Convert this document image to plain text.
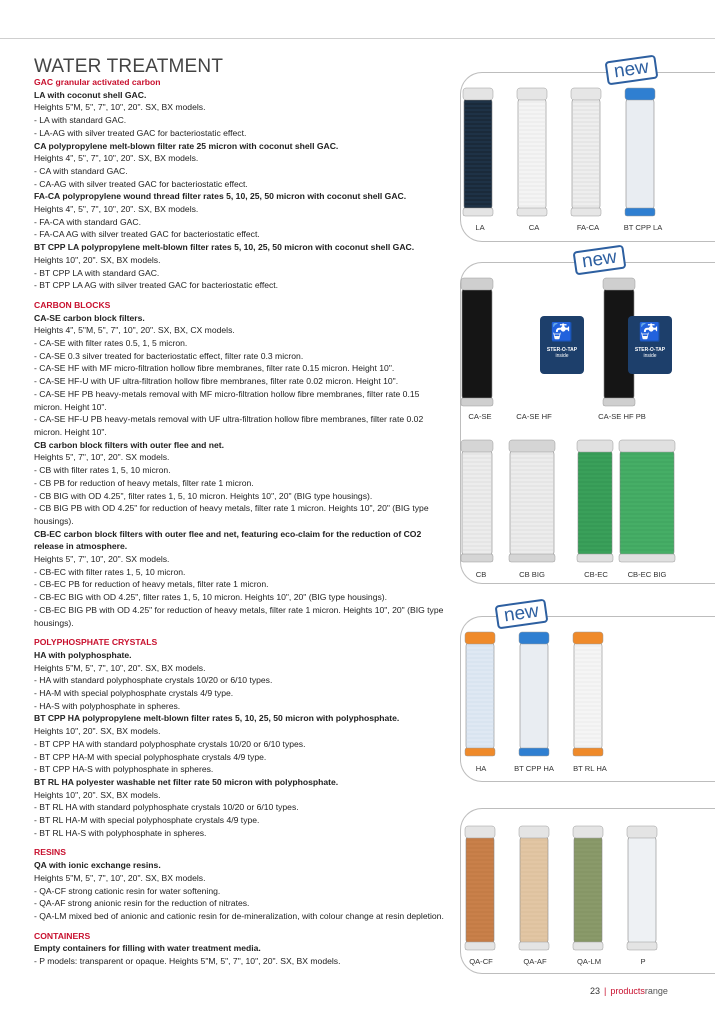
WATER TREATMENT

GAC granular activated carbon

LA with coconut shell GAC.

Heights 5"M, 5", 7", 10", 20". SX, BX models.

- LA with standard GAC.

- LA-AG with silver treated GAC for bacteriostatic effect.

CA polypropylene melt-blown filter rate 25 micron with coconut shell GAC.

Heights 4", 5", 7", 10", 20". SX, BX models.

- CA with standard GAC.

- CA-AG with silver treated GAC for bacteriostatic effect.

FA-CA polypropylene wound thread filter rates 5, 10, 25, 50 micron with coconut shell GAC.

Heights 4", 5", 7", 10", 20". SX, BX models.

- FA-CA with standard GAC.

- FA-CA AG with silver treated GAC for bacteriostatic effect.

BT CPP LA polypropylene melt-blown filter rates 5, 10, 25, 50 micron with coconut shell GAC.

Heights 10", 20". SX, BX models.

- BT CPP LA with standard GAC.

- BT CPP LA AG with silver treated GAC for bacteriostatic effect.

CARBON BLOCKS

CA-SE carbon block filters.

Heights 4", 5"M, 5", 7", 10", 20". SX, BX, CX models.

- CA-SE with filter rates 0.5, 1, 5 micron.

- CA-SE 0.3 silver treated for bacteriostatic effect, filter rate 0.3 micron.

- CA-SE HF with MF micro-filtration hollow fibre membranes, filter rate 0.15 micron. Height 10".

- CA-SE HF-U with UF ultra-filtration hollow fibre membranes, filter rate 0.02 micron. Height 10".

- CA-SE HF PB heavy-metals removal with MF micro-filtration hollow fibre membranes, filter rate 0.15

micron. Height 10".

- CA-SE HF-U PB heavy-metals removal with UF ultra-filtration hollow fibre membranes, filter rate 0.02

micron. Height 10".

CB carbon block filters with outer flee and net.

Heights 5", 7", 10", 20". SX models.

- CB with filter rates 1, 5, 10 micron.

- CB PB for reduction of heavy metals, filter rate 1 micron.

- CB BIG with OD 4.25", filter rates 1, 5, 10 micron. Heights 10", 20" (BIG type housings).

- CB BIG PB with OD 4.25" for reduction of heavy metals, filter rate 1 micron. Heights 10", 20" (BIG type

housings).

CB-EC carbon block filters with outer flee and net, featuring eco-claim for the reduction of CO2

release in atmosphere.

Heights 5", 7", 10", 20". SX models.

- CB-EC with filter rates 1, 5, 10 micron.

- CB-EC PB for reduction of heavy metals, filter rate 1 micron.

- CB-EC BIG with OD 4.25", filter rates 1, 5, 10 micron. Heights 10", 20" (BIG type housings).

- CB-EC BIG PB with OD 4.25" for reduction of heavy metals, filter rate 1 micron. Heights 10", 20" (BIG type

housings).

POLYPHOSPHATE CRYSTALS

HA with polyphosphate.

Heights 5"M, 5", 7", 10", 20". SX, BX models.

- HA with standard polyphosphate crystals 10/20 or 6/10 types.

- HA-M with special polyphosphate crystals 4/9 type.

- HA-S with polyphosphate in spheres.

BT CPP HA polypropylene melt-blown filter rates 5, 10, 25, 50 micron with polyphosphate.

Heights 10", 20". SX, BX models.

- BT CPP HA with standard polyphosphate crystals 10/20 or 6/10 types.

- BT CPP HA-M with special polyphosphate crystals 4/9 type.

- BT CPP HA-S with polyphosphate in spheres.

BT RL HA polyester washable net filter rate 50 micron with polyphosphate.

Heights 10", 20". SX, BX models.

- BT RL HA with standard polyphosphate crystals 10/20 or 6/10 types.

- BT RL HA-M with special polyphosphate crystals 4/9 type.

- BT RL HA-S with polyphosphate in spheres.

RESINS

QA with ionic exchange resins.

Heights 5"M, 5", 7", 10", 20". SX, BX models.

- QA-CF strong cationic resin for water softening.

- QA-AF strong anionic resin for the reduction of nitrates.

- QA-LM mixed bed of anionic and cationic resin for de-mineralization, with colour change at resin depletion.

CONTAINERS

Empty containers for filling with water treatment media.

- P models: transparent or opaque. Heights 5"M, 5", 7", 10", 20". SX, BX models.

new
new
new
LA	CA	FA-CA	BT CPP LA
CA-SE	CA-SE HF	CA-SE HF PB
CB	CB BIG	CB-EC	CB-EC BIG
HA	BT CPP HA	BT RL HA
QA-CF	QA-AF	QA-LM	P
🚰
STER-O-TAP
inside
🚰
STER-O-TAP
inside
23 | productsrange
